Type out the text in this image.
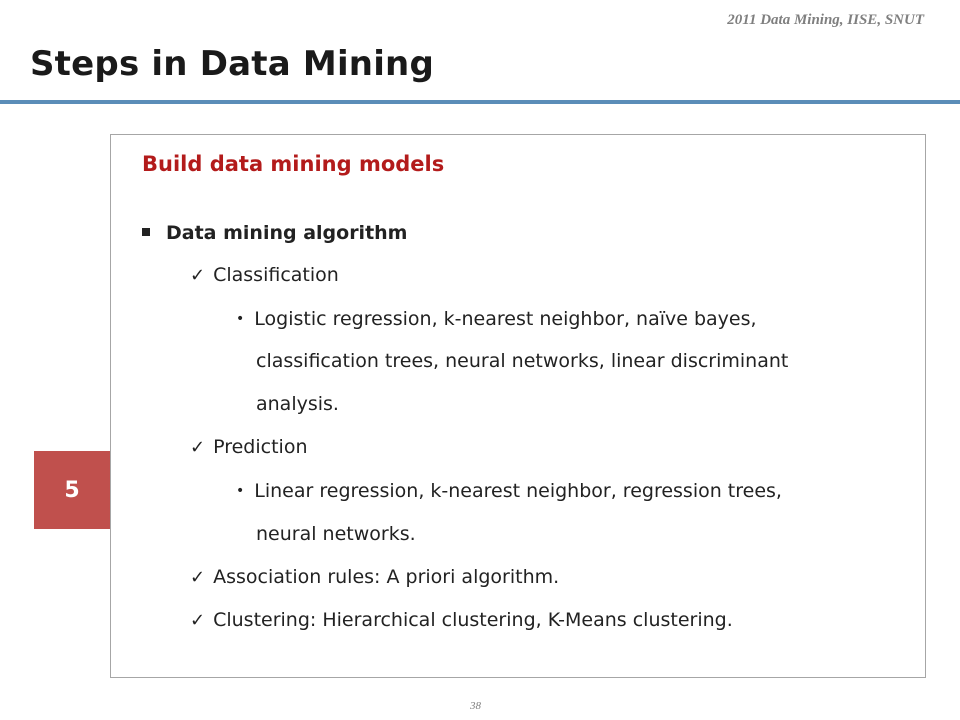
2011 Data Mining, IISE, SNUT
Steps in Data Mining
5
Build data mining models
Data mining algorithm
✓ Classification
• Logistic regression, k-nearest neighbor, naïve bayes,
classification trees, neural networks, linear discriminant
analysis.
✓ Prediction
• Linear regression, k-nearest neighbor, regression trees,
neural networks.
✓ Association rules: A priori algorithm.
✓ Clustering: Hierarchical clustering, K-Means clustering.
38
